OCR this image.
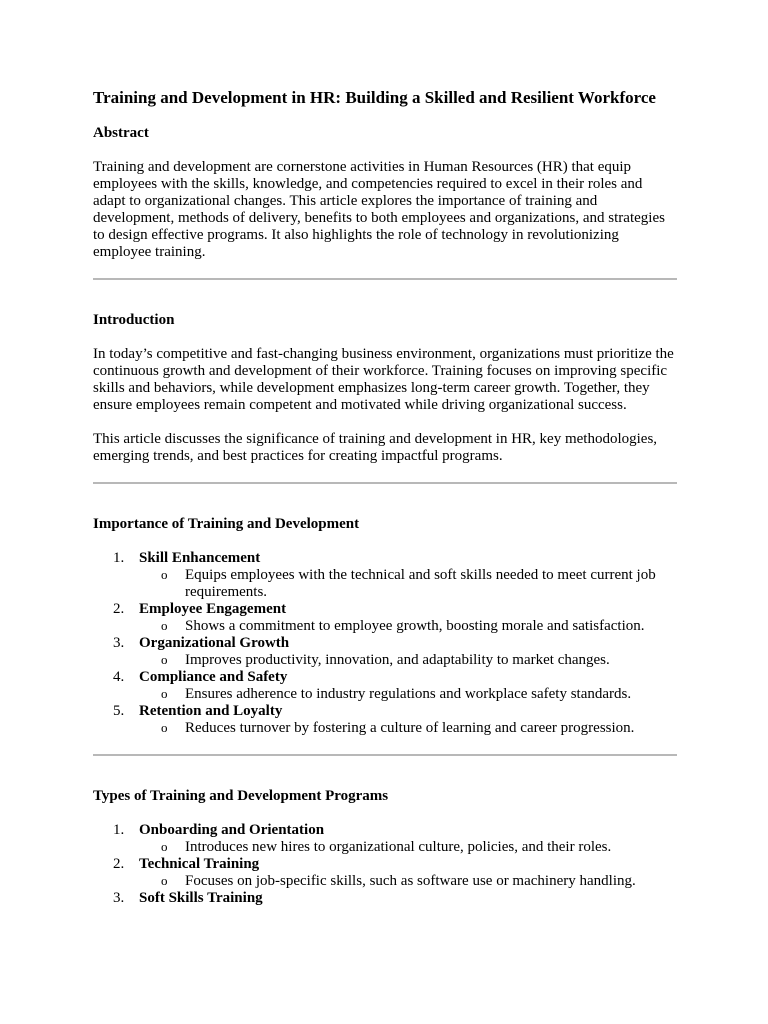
Training and Development in HR: Building a Skilled and Resilient Workforce
Abstract

Training and development are cornerstone activities in Human Resources (HR) that equip employees with the skills, knowledge, and competencies required to excel in their roles and adapt to organizational changes. This article explores the importance of training and development, methods of delivery, benefits to both employees and organizations, and strategies to design effective programs. It also highlights the role of technology in revolutionizing employee training.

Introduction

In today’s competitive and fast-changing business environment, organizations must prioritize the continuous growth and development of their workforce. Training focuses on improving specific skills and behaviors, while development emphasizes long-term career growth. Together, they ensure employees remain competent and motivated while driving organizational success.

This article discusses the significance of training and development in HR, key methodologies, emerging trends, and best practices for creating impactful programs.

Importance of Training and Development
1. Skill Enhancement
o Equips employees with the technical and soft skills needed to meet current job requirements.
2. Employee Engagement
o Shows a commitment to employee growth, boosting morale and satisfaction.
3. Organizational Growth
o Improves productivity, innovation, and adaptability to market changes.
4. Compliance and Safety
o Ensures adherence to industry regulations and workplace safety standards.
5. Retention and Loyalty
o Reduces turnover by fostering a culture of learning and career progression.
Types of Training and Development Programs
1. Onboarding and Orientation
o Introduces new hires to organizational culture, policies, and their roles.
2. Technical Training
o Focuses on job-specific skills, such as software use or machinery handling.
3. Soft Skills Training
